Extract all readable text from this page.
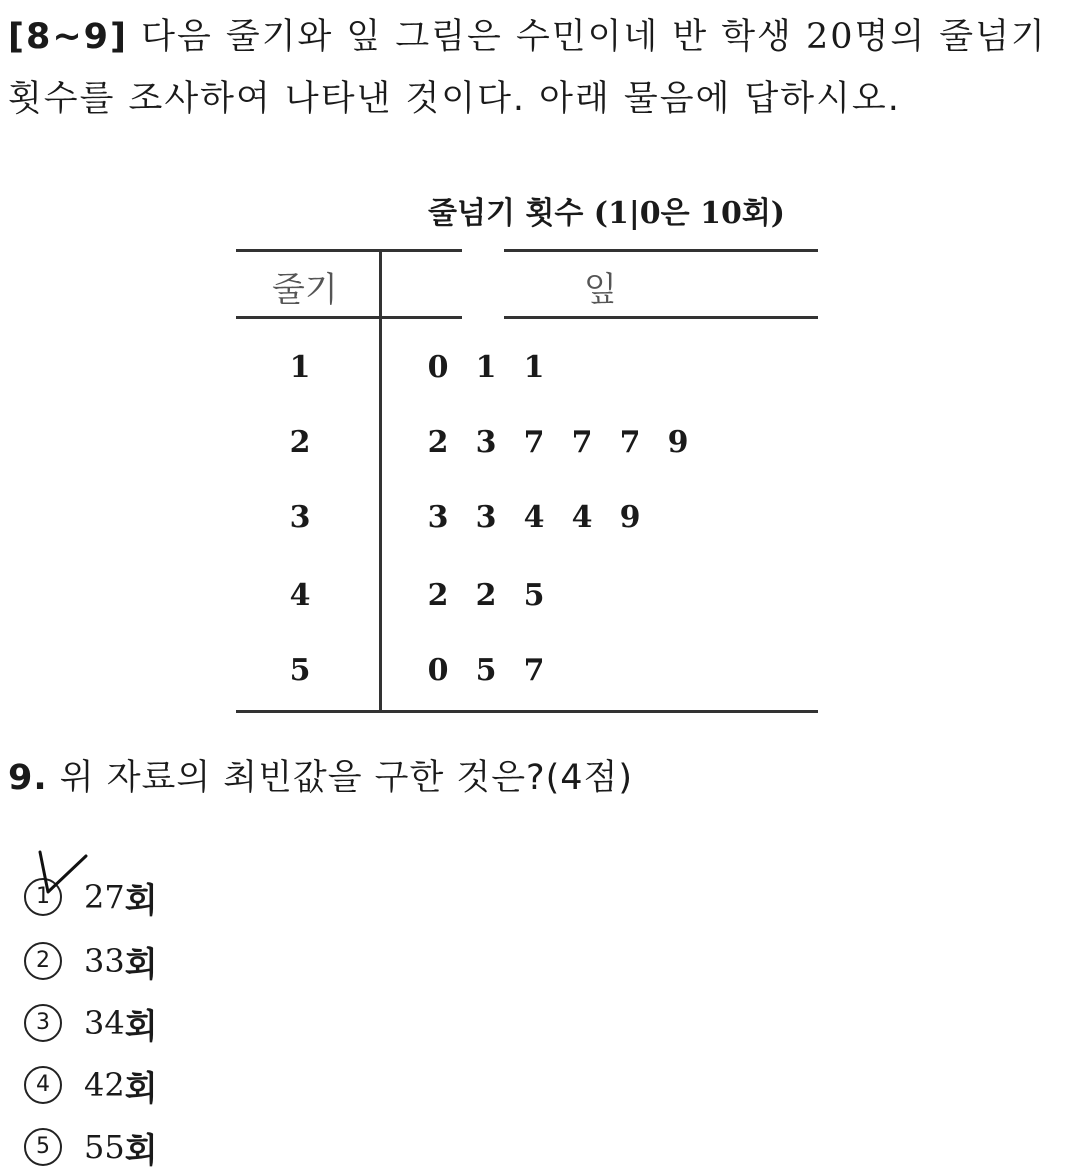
[8~9] 다음 줄기와 잎 그림은 수민이네 반 학생 20명의 줄넘기 횟수를 조사하여 나타낸 것이다. 아래 물음에 답하시오.

줄넘기 횟수 (1|0은 10회)
줄기	잎
1	0 1 1
2	2 3 7 7 7 9
3	3 3 4 4 9
4	2 2 5
5	0 5 7
9. 위 자료의 최빈값을 구한 것은?(4점)
1	27 회
2	33 회
3	34 회
4	42 회
5	55 회
